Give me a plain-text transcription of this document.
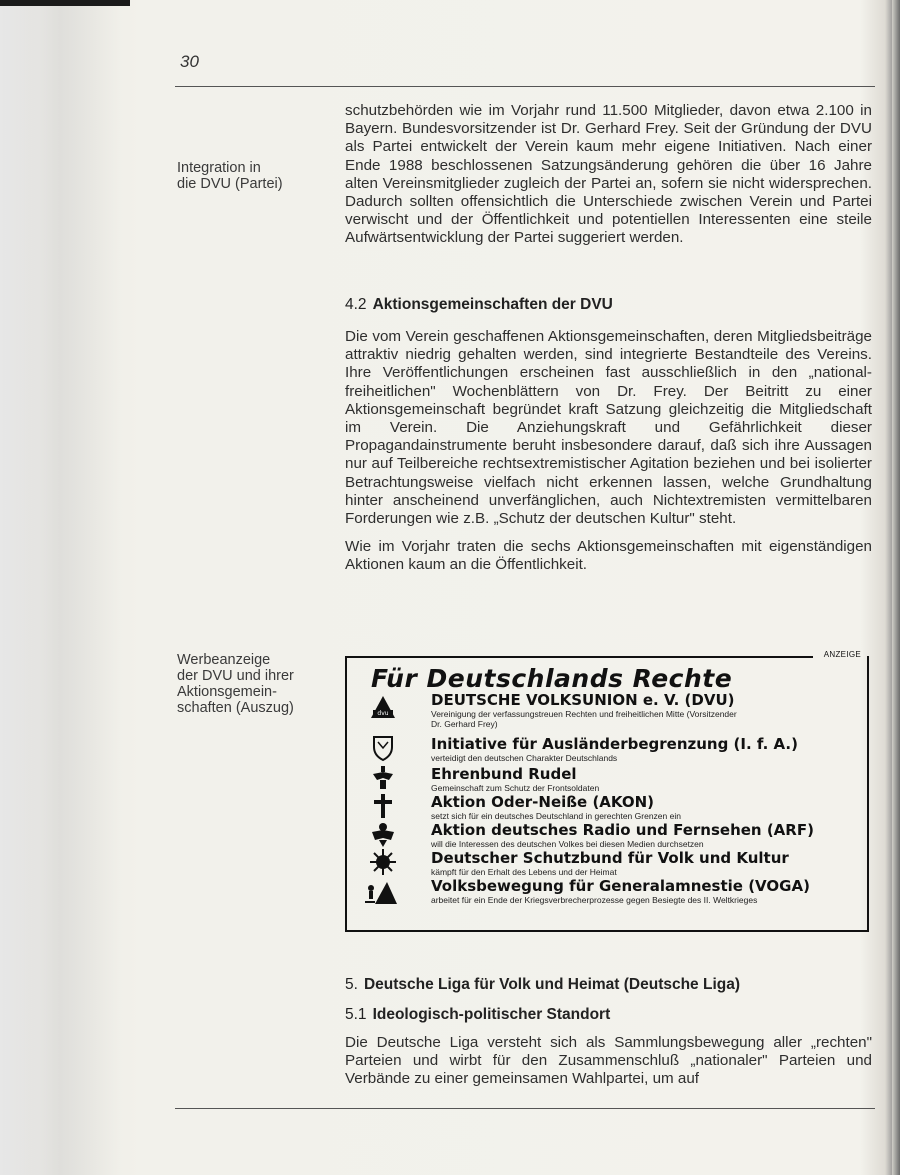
30
Integration in
die DVU (Partei)

schutzbehörden wie im Vorjahr rund 11.500 Mitglieder, davon etwa 2.100 in Bayern. Bundesvorsitzender ist Dr. Gerhard Frey. Seit der Gründung der DVU als Partei entwickelt der Verein kaum mehr eigene Initiativen. Nach einer Ende 1988 beschlossenen Satzungsänderung gehören die über 16 Jahre alten Vereinsmitglieder zugleich der Partei an, sofern sie nicht widersprechen. Dadurch sollten offensichtlich die Unterschiede zwischen Verein und Partei verwischt und der Öffentlichkeit und potentiellen Interessenten eine steile Aufwärtsentwicklung der Partei suggeriert werden.

4.2 Aktionsgemeinschaften der DVU

Die vom Verein geschaffenen Aktionsgemeinschaften, deren Mitgliedsbeiträge attraktiv niedrig gehalten werden, sind integrierte Bestandteile des Vereins. Ihre Veröffentlichungen erscheinen fast ausschließlich in den „national-freiheitlichen" Wochenblättern von Dr. Frey. Der Beitritt zu einer Aktionsgemeinschaft begründet kraft Satzung gleichzeitig die Mitgliedschaft im Verein. Die Anziehungskraft und Gefährlichkeit dieser Propagandainstrumente beruht insbesondere darauf, daß sich ihre Aussagen nur auf Teilbereiche rechtsextremistischer Agitation beziehen und bei isolierter Betrachtungsweise vielfach nicht erkennen lassen, welche Grundhaltung hinter anscheinend unverfänglichen, auch Nichtextremisten vermittelbaren Forderungen wie z.B. „Schutz der deutschen Kultur" steht.

Wie im Vorjahr traten die sechs Aktionsgemeinschaften mit eigenständigen Aktionen kaum an die Öffentlichkeit.

Werbeanzeige
der DVU und ihrer
Aktionsgemein-
schaften (Auszug)
ANZEIGE
Für Deutschlands Rechte
dvu
DEUTSCHE VOLKSUNION e. V. (DVU)
Vereinigung der verfassungstreuen Rechten und freiheitlichen Mitte (Vorsitzender
Dr. Gerhard Frey)
Initiative für Ausländerbegrenzung (I. f. A.)
verteidigt den deutschen Charakter Deutschlands
Ehrenbund Rudel
Gemeinschaft zum Schutz der Frontsoldaten
Aktion Oder-Neiße (AKON)
setzt sich für ein deutsches Deutschland in gerechten Grenzen ein
Aktion deutsches Radio und Fernsehen (ARF)
will die Interessen des deutschen Volkes bei diesen Medien durchsetzen
Deutscher Schutzbund für Volk und Kultur
kämpft für den Erhalt des Lebens und der Heimat
Volksbewegung für Generalamnestie (VOGA)
arbeitet für ein Ende der Kriegsverbrecherprozesse gegen Besiegte des II. Weltkrieges
5. Deutsche Liga für Volk und Heimat (Deutsche Liga)
5.1 Ideologisch-politischer Standort

Die Deutsche Liga versteht sich als Sammlungsbewegung aller „rechten" Parteien und wirbt für den Zusammenschluß „nationaler" Parteien und Verbände zu einer gemeinsamen Wahlpartei, um auf
